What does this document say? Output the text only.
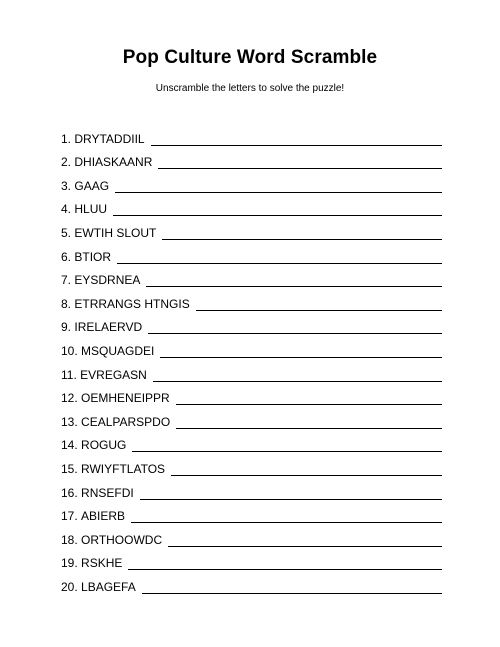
Pop Culture Word Scramble
Unscramble the letters to solve the puzzle!
1.
DRYTADDIIL
2.
DHIASKAANR
3.
GAAG
4.
HLUU
5.
EWTIH SLOUT
6.
BTIOR
7.
EYSDRNEA
8.
ETRRANGS HTNGIS
9.
IRELAERVD
10.
MSQUAGDEI
11.
EVREGASN
12.
OEMHENEIPPR
13.
CEALPARSPDO
14.
ROGUG
15.
RWIYFTLATOS
16.
RNSEFDI
17.
ABIERB
18.
ORTHOOWDC
19.
RSKHE
20.
LBAGEFA
